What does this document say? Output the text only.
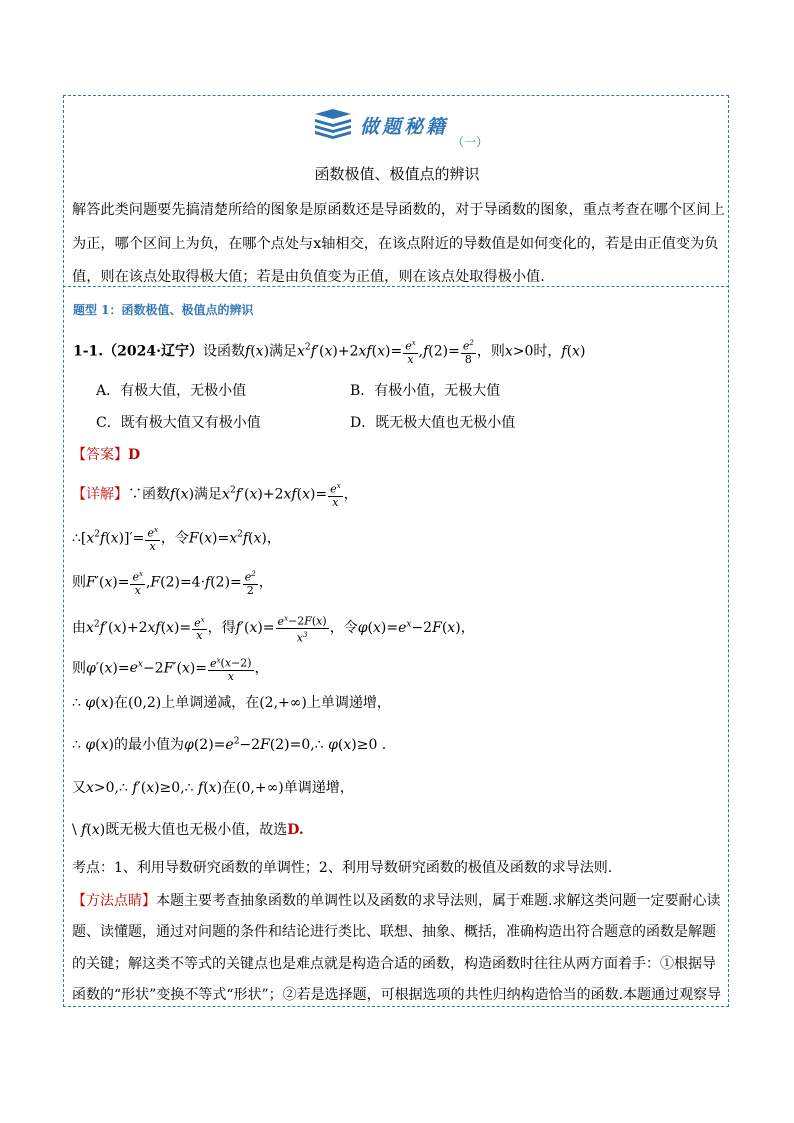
做题秘籍
（一）
函数极值、极值点的辨识
解答此类问题要先搞清楚所给的图象是原函数还是导函数的，对于导函数的图象，重点考查在哪个区间上
为正，哪个区间上为负，在哪个点处与x轴相交，在该点附近的导数值是如何变化的，若是由正值变为负
值，则在该点处取得极大值；若是由负值变为正值，则在该点处取得极小值.
题型 1：函数极值、极值点的辨识
1-1.（2024·辽宁）设函数f(x)满足$x^2f'(x)+2xf(x)= \frac{e^x}{x} ,f(2)= \frac{e^2}{8}$ ，则x>0时，f(x)
A．有极大值，无极小值	B．有极小值，无极大值
C．既有极大值又有极小值	D．既无极大值也无极小值
【答案】D
【详解】∵函数f(x)满足$x^2f'(x)+2xf(x)= \frac{e^x}{x}$ ，
$\therefore[x^2f(x)]'= \frac{e^x}{x}$ ，令$F(x)=x^2f(x)$，
则$F'(x)= \frac{e^x}{x} ,F(2)=4\cdot f(2)= \frac{e^2}{2}$ ，
由$x^2f'(x)+2xf(x)= \frac{e^x}{x}$ ，得$f'(x)= \frac{e^x-2F(x)}{x^3}$ ，令$\varphi(x)=e^x-2F(x)$，
则$\varphi'(x)=e^x-2F'(x)= \frac{e^x(x-2)}{x}$ ，
∴ φ(x)在(0,2)上单调递减，在(2,+∞)上单调递增，
∴ φ(x)的最小值为$\varphi(2)=e^2-2F(2)=0,\therefore$ φ(x)≥0 .
又x>0,∴ f′(x)≥0,∴ f(x)在(0,+∞)单调递增，
\ f(x)既无极大值也无极小值，故选D.
考点：1、利用导数研究函数的单调性；2、利用导数研究函数的极值及函数的求导法则.
【方法点睛】本题主要考查抽象函数的单调性以及函数的求导法则，属于难题.求解这类问题一定要耐心读
题、读懂题，通过对问题的条件和结论进行类比、联想、抽象、概括，准确构造出符合题意的函数是解题
的关键；解这类不等式的关键点也是难点就是构造合适的函数，构造函数时往往从两方面着手：①根据导
函数的“形状”变换不等式“形状”；②若是选择题，可根据选项的共性归纳构造恰当的函数.本题通过观察导
